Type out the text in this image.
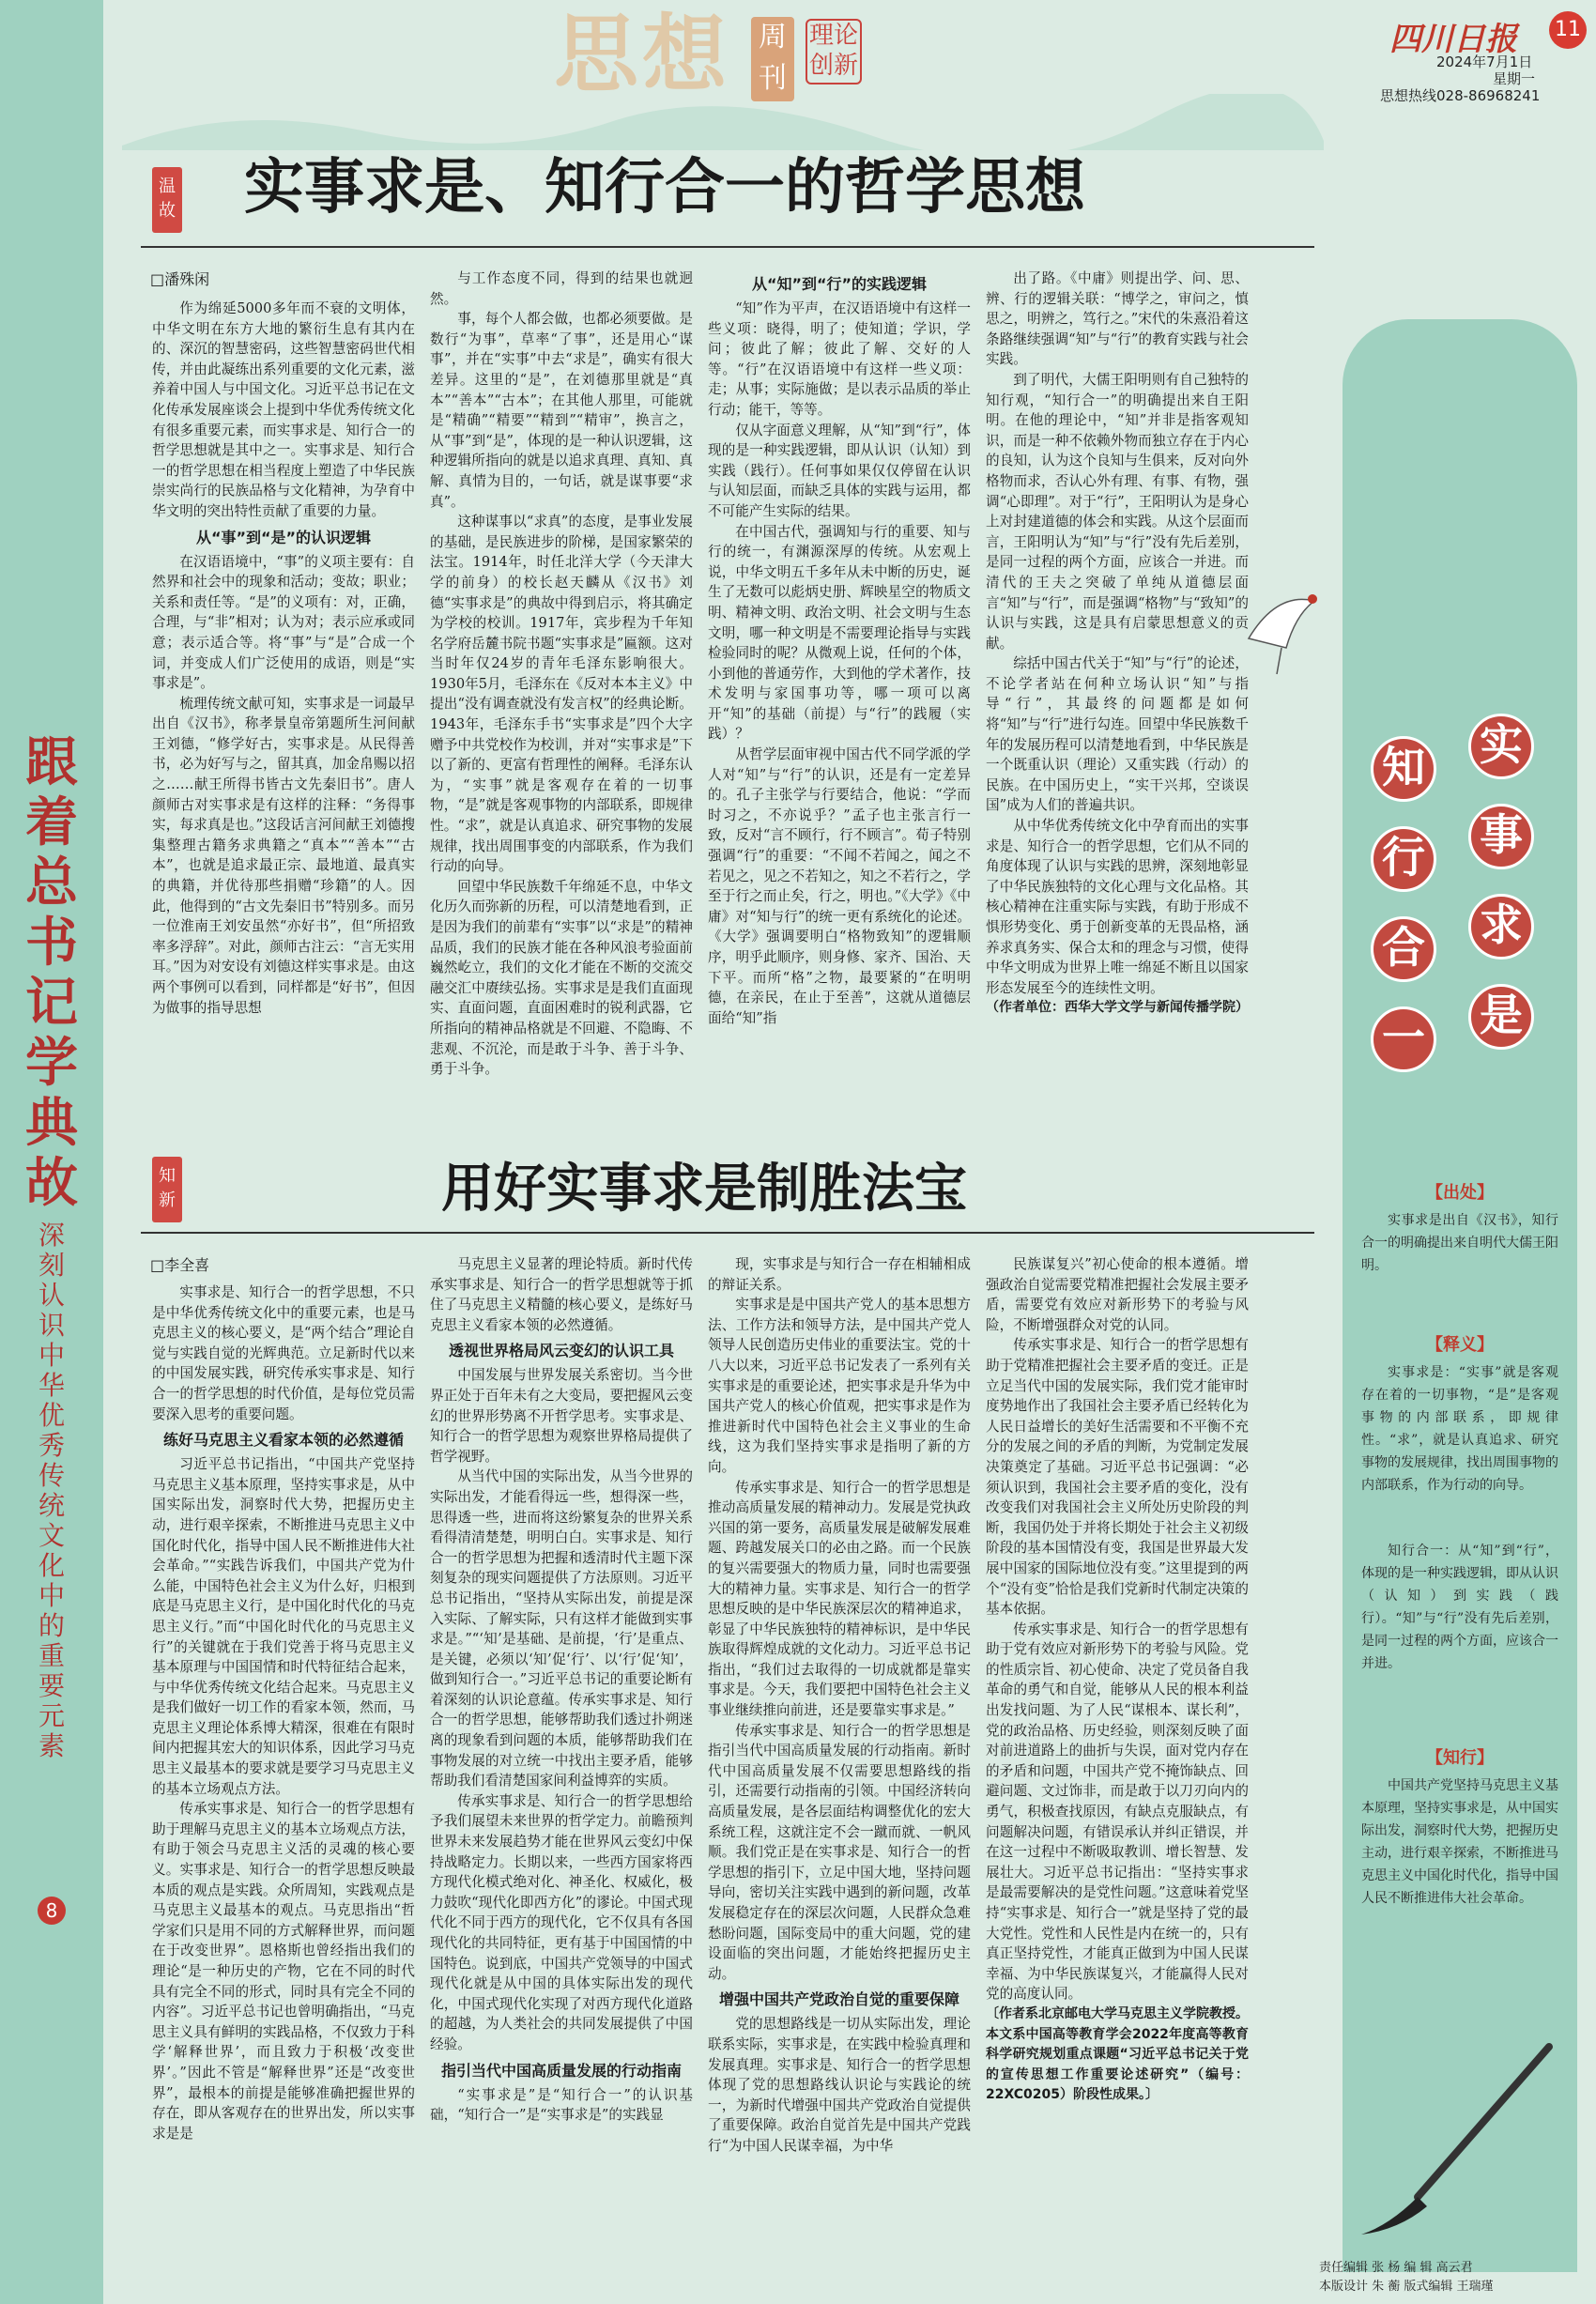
跟着总书记学典故
深刻认识中华优秀传统文化中的重要元素
8
思想 周刊
理论创新
四川日报 11
2024年7月1日
星期一
思想热线028-86968241
温故 实事求是、知行合一的哲学思想
□潘殊闲

作为绵延5000多年而不衰的文明体，中华文明在东方大地的繁衍生息有其内在的、深沉的智慧密码，这些智慧密码世代相传，并由此凝练出系列重要的文化元素，滋养着中国人与中国文化。习近平总书记在文化传承发展座谈会上提到中华优秀传统文化有很多重要元素，而实事求是、知行合一的哲学思想就是其中之一。实事求是、知行合一的哲学思想在相当程度上塑造了中华民族崇实尚行的民族品格与文化精神，为孕育中华文明的突出特性贡献了重要的力量。

从“事”到“是”的认识逻辑

在汉语语境中，“事”的义项主要有：自然界和社会中的现象和活动；变故；职业；关系和责任等。“是”的义项有：对，正确，合理，与“非”相对；认为对；表示应承或同意；表示适合等。将“事”与“是”合成一个词，并变成人们广泛使用的成语，则是“实事求是”。

梳理传统文献可知，实事求是一词最早出自《汉书》，称孝景皇帝第题所生河间献王刘德，“修学好古，实事求是。从民得善书，必为好写与之，留其真，加金帛赐以招之……献王所得书皆古文先秦旧书”。唐人颜师古对实事求是有这样的注释：“务得事实，每求真是也。”这段话言河间献王刘德搜集整理古籍务求典籍之“真本”“善本”“古本”，也就是追求最正宗、最地道、最真实的典籍，并优待那些捐赠“珍籍”的人。因此，他得到的“古文先秦旧书”特别多。而另一位淮南王刘安虽然“亦好书”，但“所招致率多浮辞”。对此，颜师古注云：“言无实用耳。”因为对安设有刘德这样实事求是。由这两个事例可以看到，同样都是“好书”，但因为做事的指导思想

与工作态度不同，得到的结果也就迥然。

事，每个人都会做，也都必须要做。是数行“为事”，草率“了事”，还是用心“谋事”，并在“实事”中去“求是”，确实有很大差异。这里的“是”，在刘德那里就是“真本”“善本”“古本”；在其他人那里，可能就是“精确”“精要”“精到”“精审”，换言之，从“事”到“是”，体现的是一种认识逻辑，这种逻辑所指向的就是以追求真理、真知、真解、真情为目的，一句话，就是谋事要“求真”。

这种谋事以“求真”的态度，是事业发展的基础，是民族进步的阶梯，是国家繁荣的法宝。1914年，时任北洋大学（今天津大学的前身）的校长赵天麟从《汉书》刘德“实事求是”的典故中得到启示，将其确定为学校的校训。1917年，宾步程为千年知名学府岳麓书院书题“实事求是”匾额。这对当时年仅24岁的青年毛泽东影响很大。1930年5月，毛泽东在《反对本本主义》中提出“没有调查就没有发言权”的经典论断。1943年，毛泽东手书“实事求是”四个大字赠予中共党校作为校训，并对“实事求是”下以了新的、更富有哲理性的阐释。毛泽东认为，“实事”就是客观存在着的一切事物，“是”就是客观事物的内部联系，即规律性。“求”，就是认真追求、研究事物的发展规律，找出周围事变的内部联系，作为我们行动的向导。

回望中华民族数千年绵延不息，中华文化历久而弥新的历程，可以清楚地看到，正是因为我们的前辈有“实事”以“求是”的精神品质，我们的民族才能在各种风浪考验面前巍然屹立，我们的文化才能在不断的交流交融交汇中赓续弘扬。实事求是是我们直面现实、直面问题，直面困难时的锐利武器，它所指向的精神品格就是不回避、不隐晦、不悲观、不沉沦，而是敢于斗争、善于斗争、勇于斗争。

从“知”到“行”的实践逻辑

“知”作为平声，在汉语语境中有这样一些义项：晓得，明了；使知道；学识，学问；彼此了解；彼此了解、交好的人等。“行”在汉语语境中有这样一些义项：走；从事；实际施做；是以表示品质的举止行动；能干，等等。

仅从字面意义理解，从“知”到“行”，体现的是一种实践逻辑，即从认识（认知）到实践（践行）。任何事如果仅仅停留在认识与认知层面，而缺乏具体的实践与运用，都不可能产生实际的结果。

在中国古代，强调知与行的重要、知与行的统一，有渊源深厚的传统。从宏观上说，中华文明五千多年从未中断的历史，诞生了无数可以彪炳史册、辉映星空的物质文明、精神文明、政治文明、社会文明与生态文明，哪一种文明是不需要理论指导与实践检验同时的呢？从微观上说，任何的个体，小到他的普通劳作，大到他的学术著作，技术发明与家国事功等，哪一项可以离开“知”的基础（前提）与“行”的践履（实践）？

从哲学层面审视中国古代不同学派的学人对“知”与“行”的认识，还是有一定差异的。孔子主张学与行要结合，他说：“学而时习之，不亦说乎？”孟子也主张言行一致，反对“言不顾行，行不顾言”。荀子特别强调“行”的重要：“不闻不若闻之，闻之不若见之，见之不若知之，知之不若行之，学至于行之而止矣，行之，明也。”《大学》《中庸》对“知与行”的统一更有系统化的论述。《大学》强调要明白“格物致知”的逻辑顺序，明乎此顺序，则身修、家齐、国治、天下平。而所“格”之物，最要紧的“在明明德，在亲民，在止于至善”，这就从道德层面给“知”指

出了路。《中庸》则提出学、问、思、辨、行的逻辑关联：“博学之，审问之，慎思之，明辨之，笃行之。”宋代的朱熹沿着这条路继续强调“知”与“行”的教育实践与社会实践。

到了明代，大儒王阳明则有自己独特的知行观，“知行合一”的明确提出来自王阳明。在他的理论中，“知”并非是指客观知识，而是一种不依赖外物而独立存在于内心的良知，认为这个良知与生俱来，反对向外格物而求，否认心外有理、有事、有物，强调“心即理”。对于“行”，王阳明认为是身心上对封建道德的体会和实践。从这个层面而言，王阳明认为“知”与“行”没有先后差别，是同一过程的两个方面，应该合一并进。而清代的王夫之突破了单纯从道德层面言“知”与“行”，而是强调“格物”与“致知”的认识与实践，这是具有启蒙思想意义的贡献。

综括中国古代关于“知”与“行”的论述，不论学者站在何种立场认识“知”与指导“行”，其最终的问题都是如何将“知”与“行”进行勾连。回望中华民族数千年的发展历程可以清楚地看到，中华民族是一个既重认识（理论）又重实践（行动）的民族。在中国历史上，“实干兴邦，空谈误国”成为人们的普遍共识。

从中华优秀传统文化中孕育而出的实事求是、知行合一的哲学思想，它们从不同的角度体现了认识与实践的思辨，深刻地彰显了中华民族独特的文化心理与文化品格。其核心精神在注重实际与实践，有助于形成不惧形势变化、勇于创新变革的无畏品格，涵养求真务实、保合太和的理念与习惯，使得中华文明成为世界上唯一绵延不断且以国家形态发展至今的连续性文明。

（作者单位：西华大学文学与新闻传播学院）

知新	用好实事求是制胜法宝
□李全喜

实事求是、知行合一的哲学思想，不只是中华优秀传统文化中的重要元素，也是马克思主义的核心要义，是“两个结合”理论自觉与实践自觉的光辉典范。立足新时代以来的中国发展实践，研究传承实事求是、知行合一的哲学思想的时代价值，是每位党员需要深入思考的重要问题。

练好马克思主义看家本领的必然遵循

习近平总书记指出，“中国共产党坚持马克思主义基本原理，坚持实事求是，从中国实际出发，洞察时代大势，把握历史主动，进行艰辛探索，不断推进马克思主义中国化时代化，指导中国人民不断推进伟大社会革命。”“实践告诉我们，中国共产党为什么能，中国特色社会主义为什么好，归根到底是马克思主义行，是中国化时代化的马克思主义行。”而“中国化时代化的马克思主义行”的关键就在于我们党善于将马克思主义基本原理与中国国情和时代特征结合起来，与中华优秀传统文化结合起来。马克思主义是我们做好一切工作的看家本领，然而，马克思主义理论体系博大精深，很难在有限时间内把握其宏大的知识体系，因此学习马克思主义最基本的要求就是要学习马克思主义的基本立场观点方法。

传承实事求是、知行合一的哲学思想有助于理解马克思主义的基本立场观点方法，有助于领会马克思主义活的灵魂的核心要义。实事求是、知行合一的哲学思想反映最本质的观点是实践。众所周知，实践观点是马克思主义最基本的观点。马克思指出“哲学家们只是用不同的方式解释世界，而问题在于改变世界”。恩格斯也曾经指出我们的理论“是一种历史的产物，它在不同的时代具有完全不同的形式，同时具有完全不同的内容”。习近平总书记也曾明确指出，“马克思主义具有鲜明的实践品格，不仅致力于科学‘解释世界’，而且致力于积极‘改变世界’。”因此不管是“解释世界”还是“改变世界”，最根本的前提是能够准确把握世界的存在，即从客观存在的世界出发，所以实事求是是

马克思主义显著的理论特质。新时代传承实事求是、知行合一的哲学思想就等于抓住了马克思主义精髓的核心要义，是练好马克思主义看家本领的必然遵循。

透视世界格局风云变幻的认识工具

中国发展与世界发展关系密切。当今世界正处于百年未有之大变局，要把握风云变幻的世界形势离不开哲学思考。实事求是、知行合一的哲学思想为观察世界格局提供了哲学视野。

从当代中国的实际出发，从当今世界的实际出发，才能看得远一些，想得深一些，思得透一些，进而将这纷繁复杂的世界关系看得清清楚楚，明明白白。实事求是、知行合一的哲学思想为把握和透清时代主题下深刻复杂的现实问题提供了方法原则。习近平总书记指出，“坚持从实际出发，前提是深入实际、了解实际，只有这样才能做到实事求是。”“‘知’是基础、是前提，‘行’是重点、是关键，必须以‘知’促‘行’、以‘行’促‘知’，做到知行合一。”习近平总书记的重要论断有着深刻的认识论意蕴。传承实事求是、知行合一的哲学思想，能够帮助我们透过扑朔迷离的现象看到问题的本质，能够帮助我们在事物发展的对立统一中找出主要矛盾，能够帮助我们看清楚国家间利益博弈的实质。

传承实事求是、知行合一的哲学思想给予我们展望未来世界的哲学定力。前瞻预判世界未来发展趋势才能在世界风云变幻中保持战略定力。长期以来，一些西方国家将西方现代化模式绝对化、神圣化、权威化，极力鼓吹“现代化即西方化”的谬论。中国式现代化不同于西方的现代化，它不仅具有各国现代化的共同特征，更有基于中国国情的中国特色。说到底，中国共产党领导的中国式现代化就是从中国的具体实际出发的现代化，中国式现代化实现了对西方现代化道路的超越，为人类社会的共同发展提供了中国经验。

指引当代中国高质量发展的行动指南

“实事求是”是“知行合一”的认识基础，“知行合一”是“实事求是”的实践显

现，实事求是与知行合一存在相辅相成的辩证关系。

实事求是是中国共产党人的基本思想方法、工作方法和领导方法，是中国共产党人领导人民创造历史伟业的重要法宝。党的十八大以来，习近平总书记发表了一系列有关实事求是的重要论述，把实事求是升华为中国共产党人的核心价值观，把实事求是作为推进新时代中国特色社会主义事业的生命线，这为我们坚持实事求是指明了新的方向。

传承实事求是、知行合一的哲学思想是推动高质量发展的精神动力。发展是党执政兴国的第一要务，高质量发展是破解发展难题、跨越发展关口的必由之路。而一个民族的复兴需要强大的物质力量，同时也需要强大的精神力量。实事求是、知行合一的哲学思想反映的是中华民族深层次的精神追求，彰显了中华民族独特的精神标识，是中华民族取得辉煌成就的文化动力。习近平总书记指出，“我们过去取得的一切成就都是靠实事求是。今天，我们要把中国特色社会主义事业继续推向前进，还是要靠实事求是。”

传承实事求是、知行合一的哲学思想是指引当代中国高质量发展的行动指南。新时代中国高质量发展不仅需要思想路线的指引，还需要行动指南的引领。中国经济转向高质量发展，是各层面结构调整优化的宏大系统工程，这就注定不会一蹴而就、一帆风顺。我们党正是在实事求是、知行合一的哲学思想的指引下，立足中国大地，坚持问题导向，密切关注实践中遇到的新问题，改革发展稳定存在的深层次问题，人民群众急难愁盼问题，国际变局中的重大问题，党的建设面临的突出问题，才能始终把握历史主动。

增强中国共产党政治自觉的重要保障

党的思想路线是一切从实际出发，理论联系实际，实事求是，在实践中检验真理和发展真理。实事求是、知行合一的哲学思想体现了党的思想路线认识论与实践论的统一，为新时代增强中国共产党政治自觉提供了重要保障。政治自觉首先是中国共产党践行“为中国人民谋幸福，为中华

民族谋复兴”初心使命的根本遵循。增强政治自觉需要党精准把握社会发展主要矛盾，需要党有效应对新形势下的考验与风险，不断增强群众对党的认同。

传承实事求是、知行合一的哲学思想有助于党精准把握社会主要矛盾的变迁。正是立足当代中国的发展实际，我们党才能审时度势地作出了我国社会主要矛盾已经转化为人民日益增长的美好生活需要和不平衡不充分的发展之间的矛盾的判断，为党制定发展决策奠定了基础。习近平总书记强调：“必须认识到，我国社会主要矛盾的变化，没有改变我们对我国社会主义所处历史阶段的判断，我国仍处于并将长期处于社会主义初级阶段的基本国情没有变，我国是世界最大发展中国家的国际地位没有变。”这里提到的两个“没有变”恰恰是我们党新时代制定决策的基本依据。

传承实事求是、知行合一的哲学思想有助于党有效应对新形势下的考验与风险。党的性质宗旨、初心使命、决定了党员备自我革命的勇气和自觉，能够从人民的根本利益出发找问题、为了人民“谋根本、谋长利”，党的政治品格、历史经验，则深刻反映了面对前进道路上的曲折与失误，面对党内存在的矛盾和问题，中国共产党不掩饰缺点、回避问题、文过饰非，而是敢于以刀刃向内的勇气，积极查找原因，有缺点克服缺点，有问题解决问题，有错误承认并纠正错误，并在这一过程中不断吸取教训、增长智慧、发展壮大。习近平总书记指出：“坚持实事求是最需要解决的是党性问题。”这意味着党坚持“实事求是、知行合一”就是坚持了党的最大党性。党性和人民性是内在统一的，只有真正坚持党性，才能真正做到为中国人民谋幸福、为中华民族谋复兴，才能赢得人民对党的高度认同。

〔作者系北京邮电大学马克思主义学院教授。本文系中国高等教育学会2022年度高等教育科学研究规划重点课题“习近平总书记关于党的宣传思想工作重要论述研究”（编号：22XC0205）阶段性成果。〕

实
事
求
是
知
行
合
一
【出处】
实事求是出自《汉书》，知行合一的明确提出来自明代大儒王阳明。
【释义】
实事求是：“实事”就是客观存在着的一切事物，“是”是客观事物的内部联系，即规律性。“求”，就是认真追求、研究事物的发展规律，找出周围事物的内部联系，作为行动的向导。
知行合一：从“知”到“行”，体现的是一种实践逻辑，即从认识（认知）到实践（践行）。“知”与“行”没有先后差别，是同一过程的两个方面，应该合一并进。
【知行】
中国共产党坚持马克思主义基本原理，坚持实事求是，从中国实际出发，洞察时代大势，把握历史主动，进行艰辛探索，不断推进马克思主义中国化时代化，指导中国人民不断推进伟大社会革命。
责任编辑 张 杨 编 辑 高云君
本版设计 朱 蘅 版式编辑 王瑞瑾
